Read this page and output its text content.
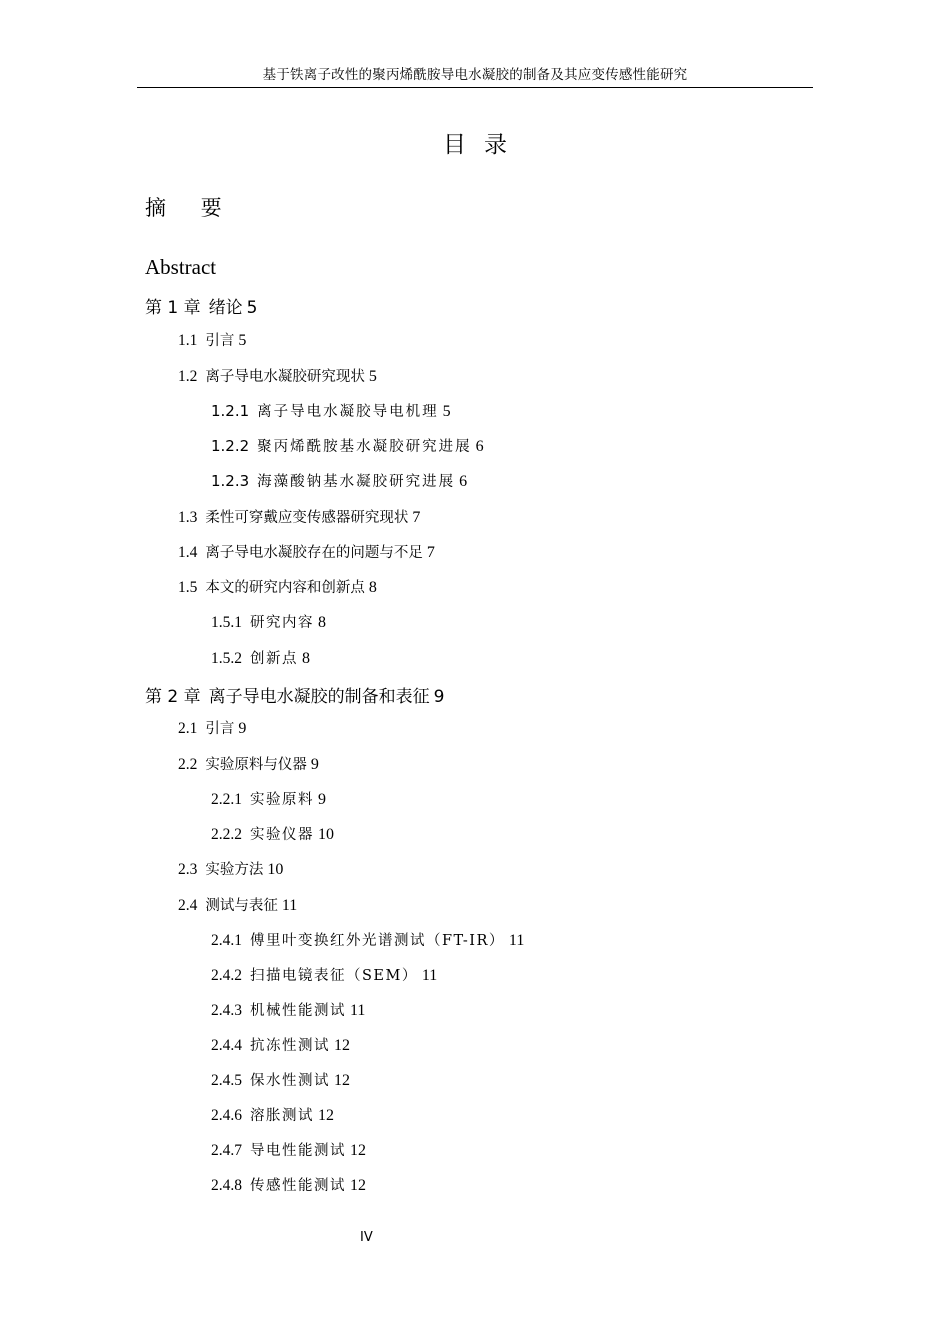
基于铁离子改性的聚丙烯酰胺导电水凝胶的制备及其应变传感性能研究
目录
摘 要
Abstract
第 1 章 绪论 5
1.1 引言 5
1.2 离子导电水凝胶研究现状 5
1.2.1 离子导电水凝胶导电机理 5
1.2.2 聚丙烯酰胺基水凝胶研究进展 6
1.2.3 海藻酸钠基水凝胶研究进展 6
1.3 柔性可穿戴应变传感器研究现状 7
1.4 离子导电水凝胶存在的问题与不足 7
1.5 本文的研究内容和创新点 8
1.5.1 研究内容 8
1.5.2 创新点 8
第 2 章 离子导电水凝胶的制备和表征 9
2.1 引言 9
2.2 实验原料与仪器 9
2.2.1 实验原料 9
2.2.2 实验仪器 10
2.3 实验方法 10
2.4 测试与表征 11
2.4.1 傅里叶变换红外光谱测试（FT-IR） 11
2.4.2 扫描电镜表征（SEM） 11
2.4.3 机械性能测试 11
2.4.4 抗冻性测试 12
2.4.5 保水性测试 12
2.4.6 溶胀测试 12
2.4.7 导电性能测试 12
2.4.8 传感性能测试 12
IV
